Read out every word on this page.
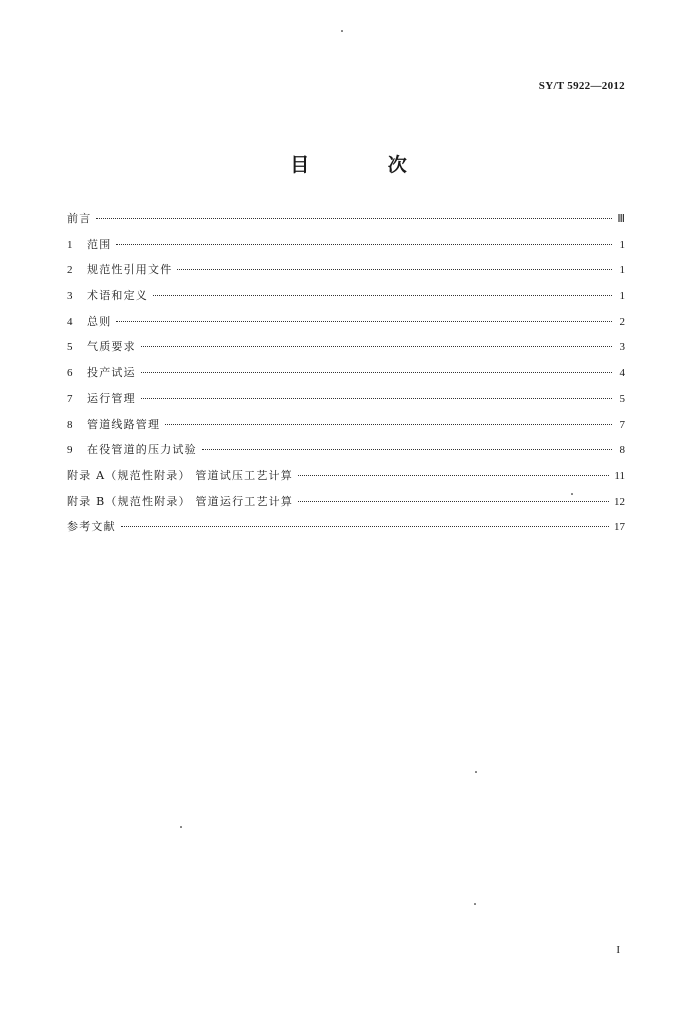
SY/T 5922—2012
目 次
前言	Ⅲ
1	范围	1
2	规范性引用文件	1
3	术语和定义	1
4	总则	2
5	气质要求	3
6	投产试运	4
7	运行管理	5
8	管道线路管理	7
9	在役管道的压力试验	8
附录 A（规范性附录） 管道试压工艺计算	11
附录 B（规范性附录） 管道运行工艺计算	12
参考文献	17
I
